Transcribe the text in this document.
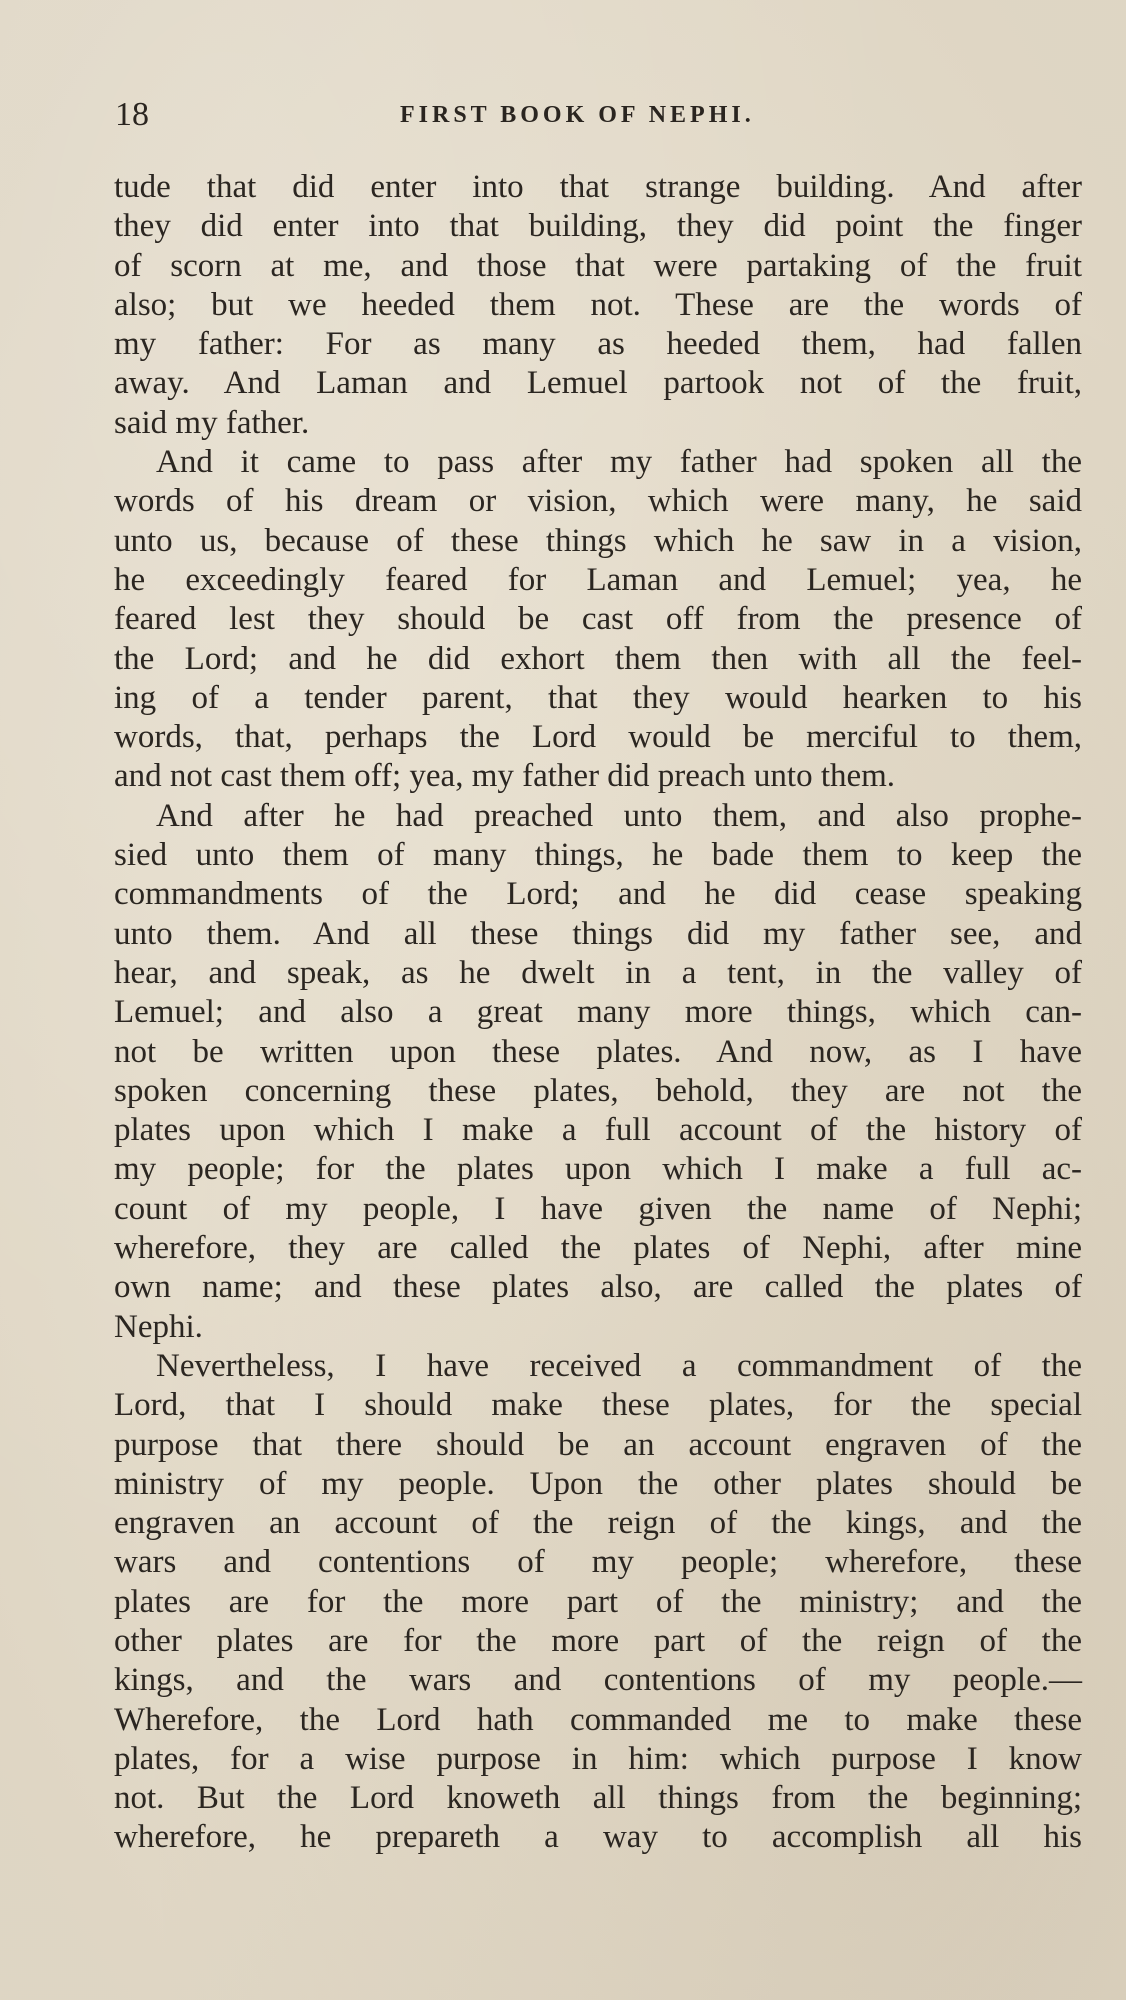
18	FIRST BOOK OF NEPHI.
tude that did enter into that strange building. And after
they did enter into that building, they did point the finger
of scorn at me, and those that were partaking of the fruit
also; but we heeded them not. These are the words of
my father: For as many as heeded them, had fallen
away. And Laman and Lemuel partook not of the fruit,
said my father.
And it came to pass after my father had spoken all the
words of his dream or vision, which were many, he said
unto us, because of these things which he saw in a vision,
he exceedingly feared for Laman and Lemuel; yea, he
feared lest they should be cast off from the presence of
the Lord; and he did exhort them then with all the feel-
ing of a tender parent, that they would hearken to his
words, that, perhaps the Lord would be merciful to them,
and not cast them off; yea, my father did preach unto them.
And after he had preached unto them, and also prophe-
sied unto them of many things, he bade them to keep the
commandments of the Lord; and he did cease speaking
unto them. And all these things did my father see, and
hear, and speak, as he dwelt in a tent, in the valley of
Lemuel; and also a great many more things, which can-
not be written upon these plates. And now, as I have
spoken concerning these plates, behold, they are not the
plates upon which I make a full account of the history of
my people; for the plates upon which I make a full ac-
count of my people, I have given the name of Nephi;
wherefore, they are called the plates of Nephi, after mine
own name; and these plates also, are called the plates of
Nephi.
Nevertheless, I have received a commandment of the
Lord, that I should make these plates, for the special
purpose that there should be an account engraven of the
ministry of my people. Upon the other plates should be
engraven an account of the reign of the kings, and the
wars and contentions of my people; wherefore, these
plates are for the more part of the ministry; and the
other plates are for the more part of the reign of the
kings, and the wars and contentions of my people.—
Wherefore, the Lord hath commanded me to make these
plates, for a wise purpose in him: which purpose I know
not. But the Lord knoweth all things from the beginning;
wherefore, he prepareth a way to accomplish all his
